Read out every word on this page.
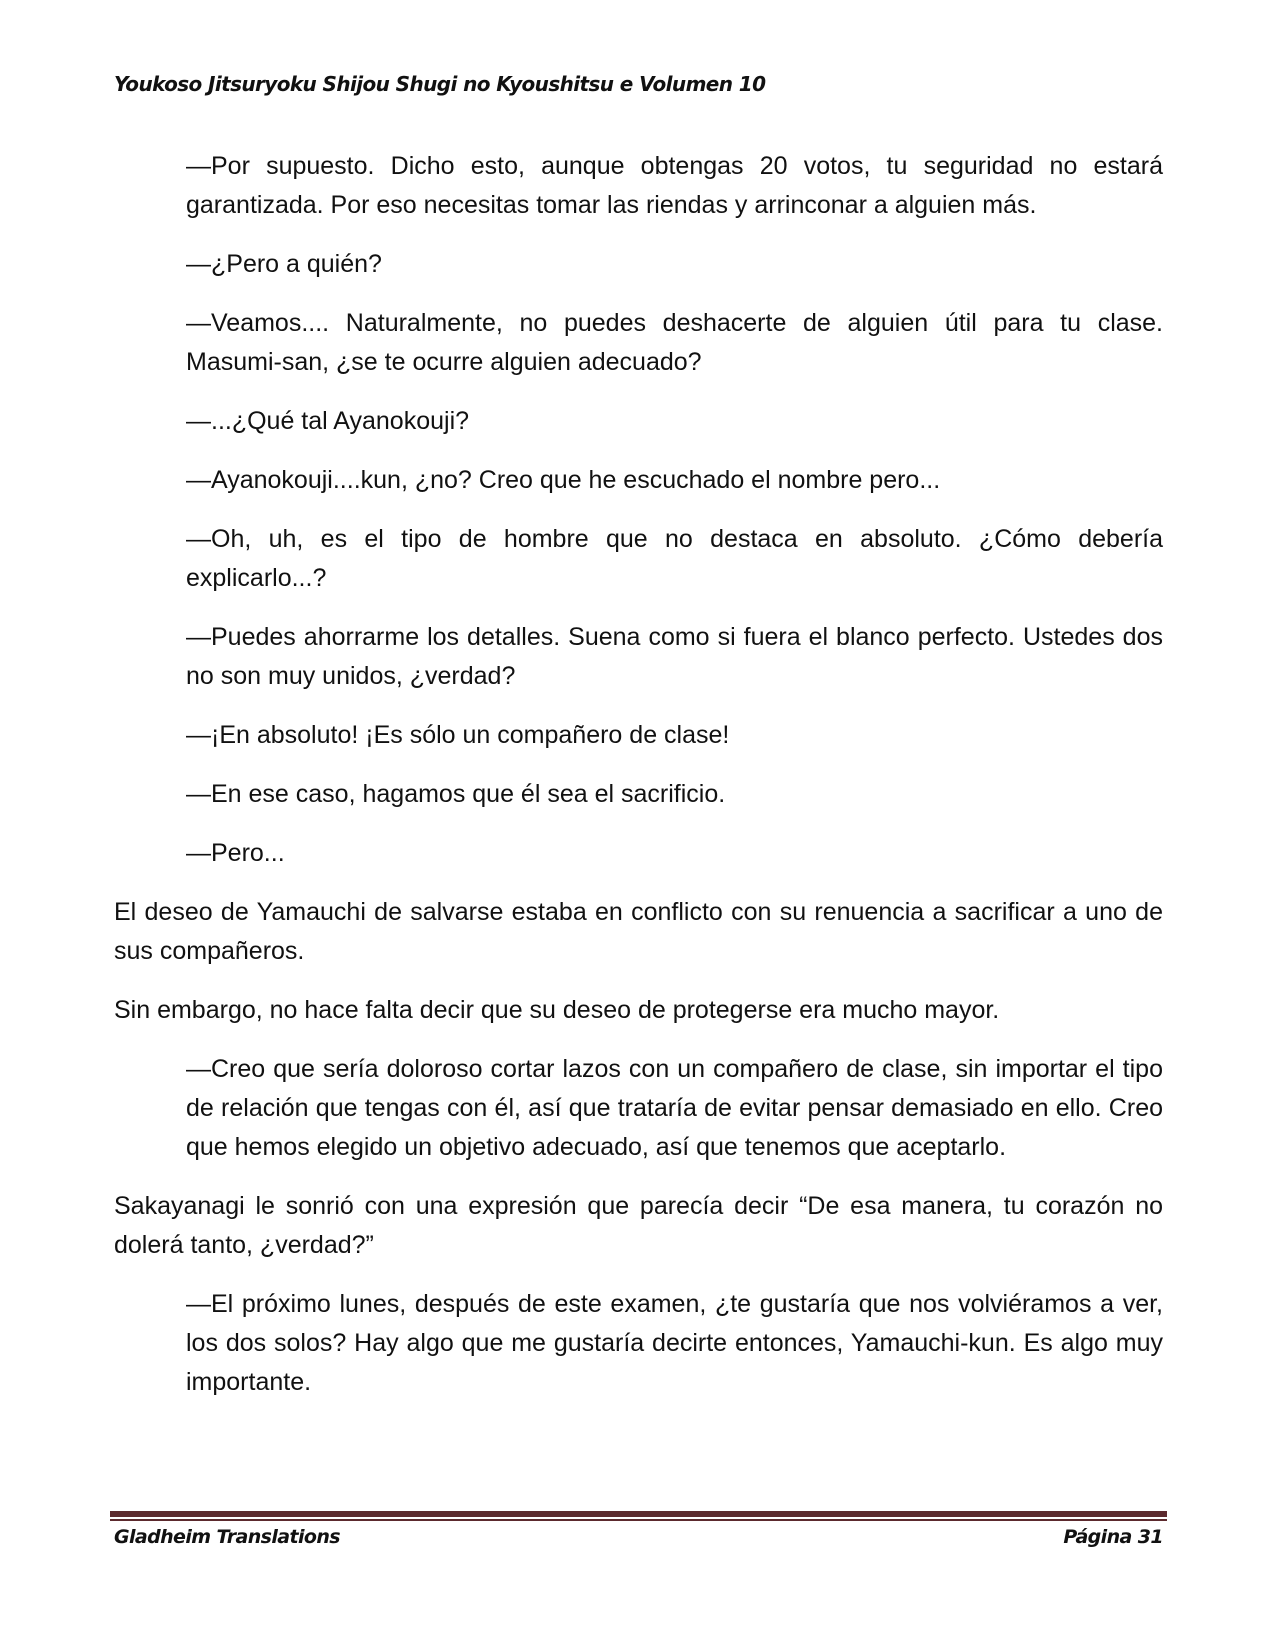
Youkoso Jitsuryoku Shijou Shugi no Kyoushitsu e Volumen 10

—Por supuesto. Dicho esto, aunque obtengas 20 votos, tu seguridad no estará garantizada. Por eso necesitas tomar las riendas y arrinconar a alguien más.

—¿Pero a quién?

—Veamos.... Naturalmente, no puedes deshacerte de alguien útil para tu clase. Masumi-san, ¿se te ocurre alguien adecuado?

—...¿Qué tal Ayanokouji?

—Ayanokouji....kun, ¿no? Creo que he escuchado el nombre pero...

—Oh, uh, es el tipo de hombre que no destaca en absoluto. ¿Cómo debería explicarlo...?

—Puedes ahorrarme los detalles. Suena como si fuera el blanco perfecto. Ustedes dos no son muy unidos, ¿verdad?

—¡En absoluto! ¡Es sólo un compañero de clase!

—En ese caso, hagamos que él sea el sacrificio.

—Pero...

El deseo de Yamauchi de salvarse estaba en conflicto con su renuencia a sacrificar a uno de sus compañeros.

Sin embargo, no hace falta decir que su deseo de protegerse era mucho mayor.

—Creo que sería doloroso cortar lazos con un compañero de clase, sin importar el tipo de relación que tengas con él, así que trataría de evitar pensar demasiado en ello. Creo que hemos elegido un objetivo adecuado, así que tenemos que aceptarlo.

Sakayanagi le sonrió con una expresión que parecía decir “De esa manera, tu corazón no dolerá tanto, ¿verdad?”

—El próximo lunes, después de este examen, ¿te gustaría que nos volviéramos a ver, los dos solos? Hay algo que me gustaría decirte entonces, Yamauchi-kun. Es algo muy importante.

Gladheim Translations	Página 31
